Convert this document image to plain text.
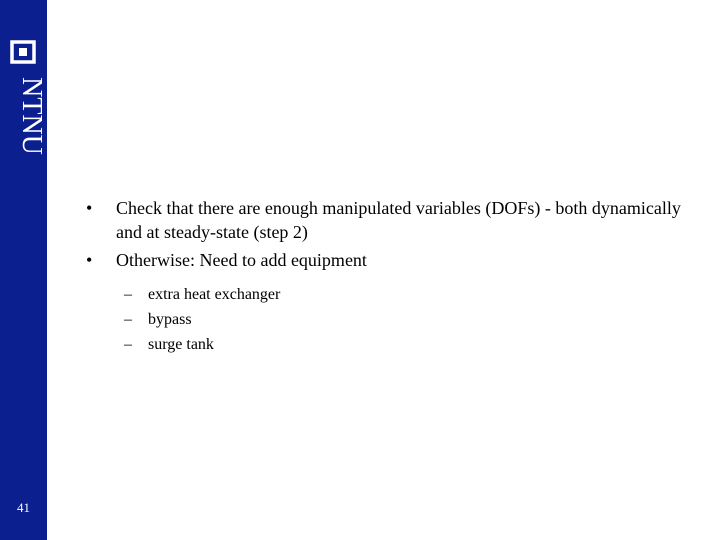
NTNU
41
•	Check that there are enough manipulated variables (DOFs) - both dynamically and at steady-state (step 2)
•	Otherwise: Need to add equipment
– extra heat exchanger
– bypass
– surge tank
